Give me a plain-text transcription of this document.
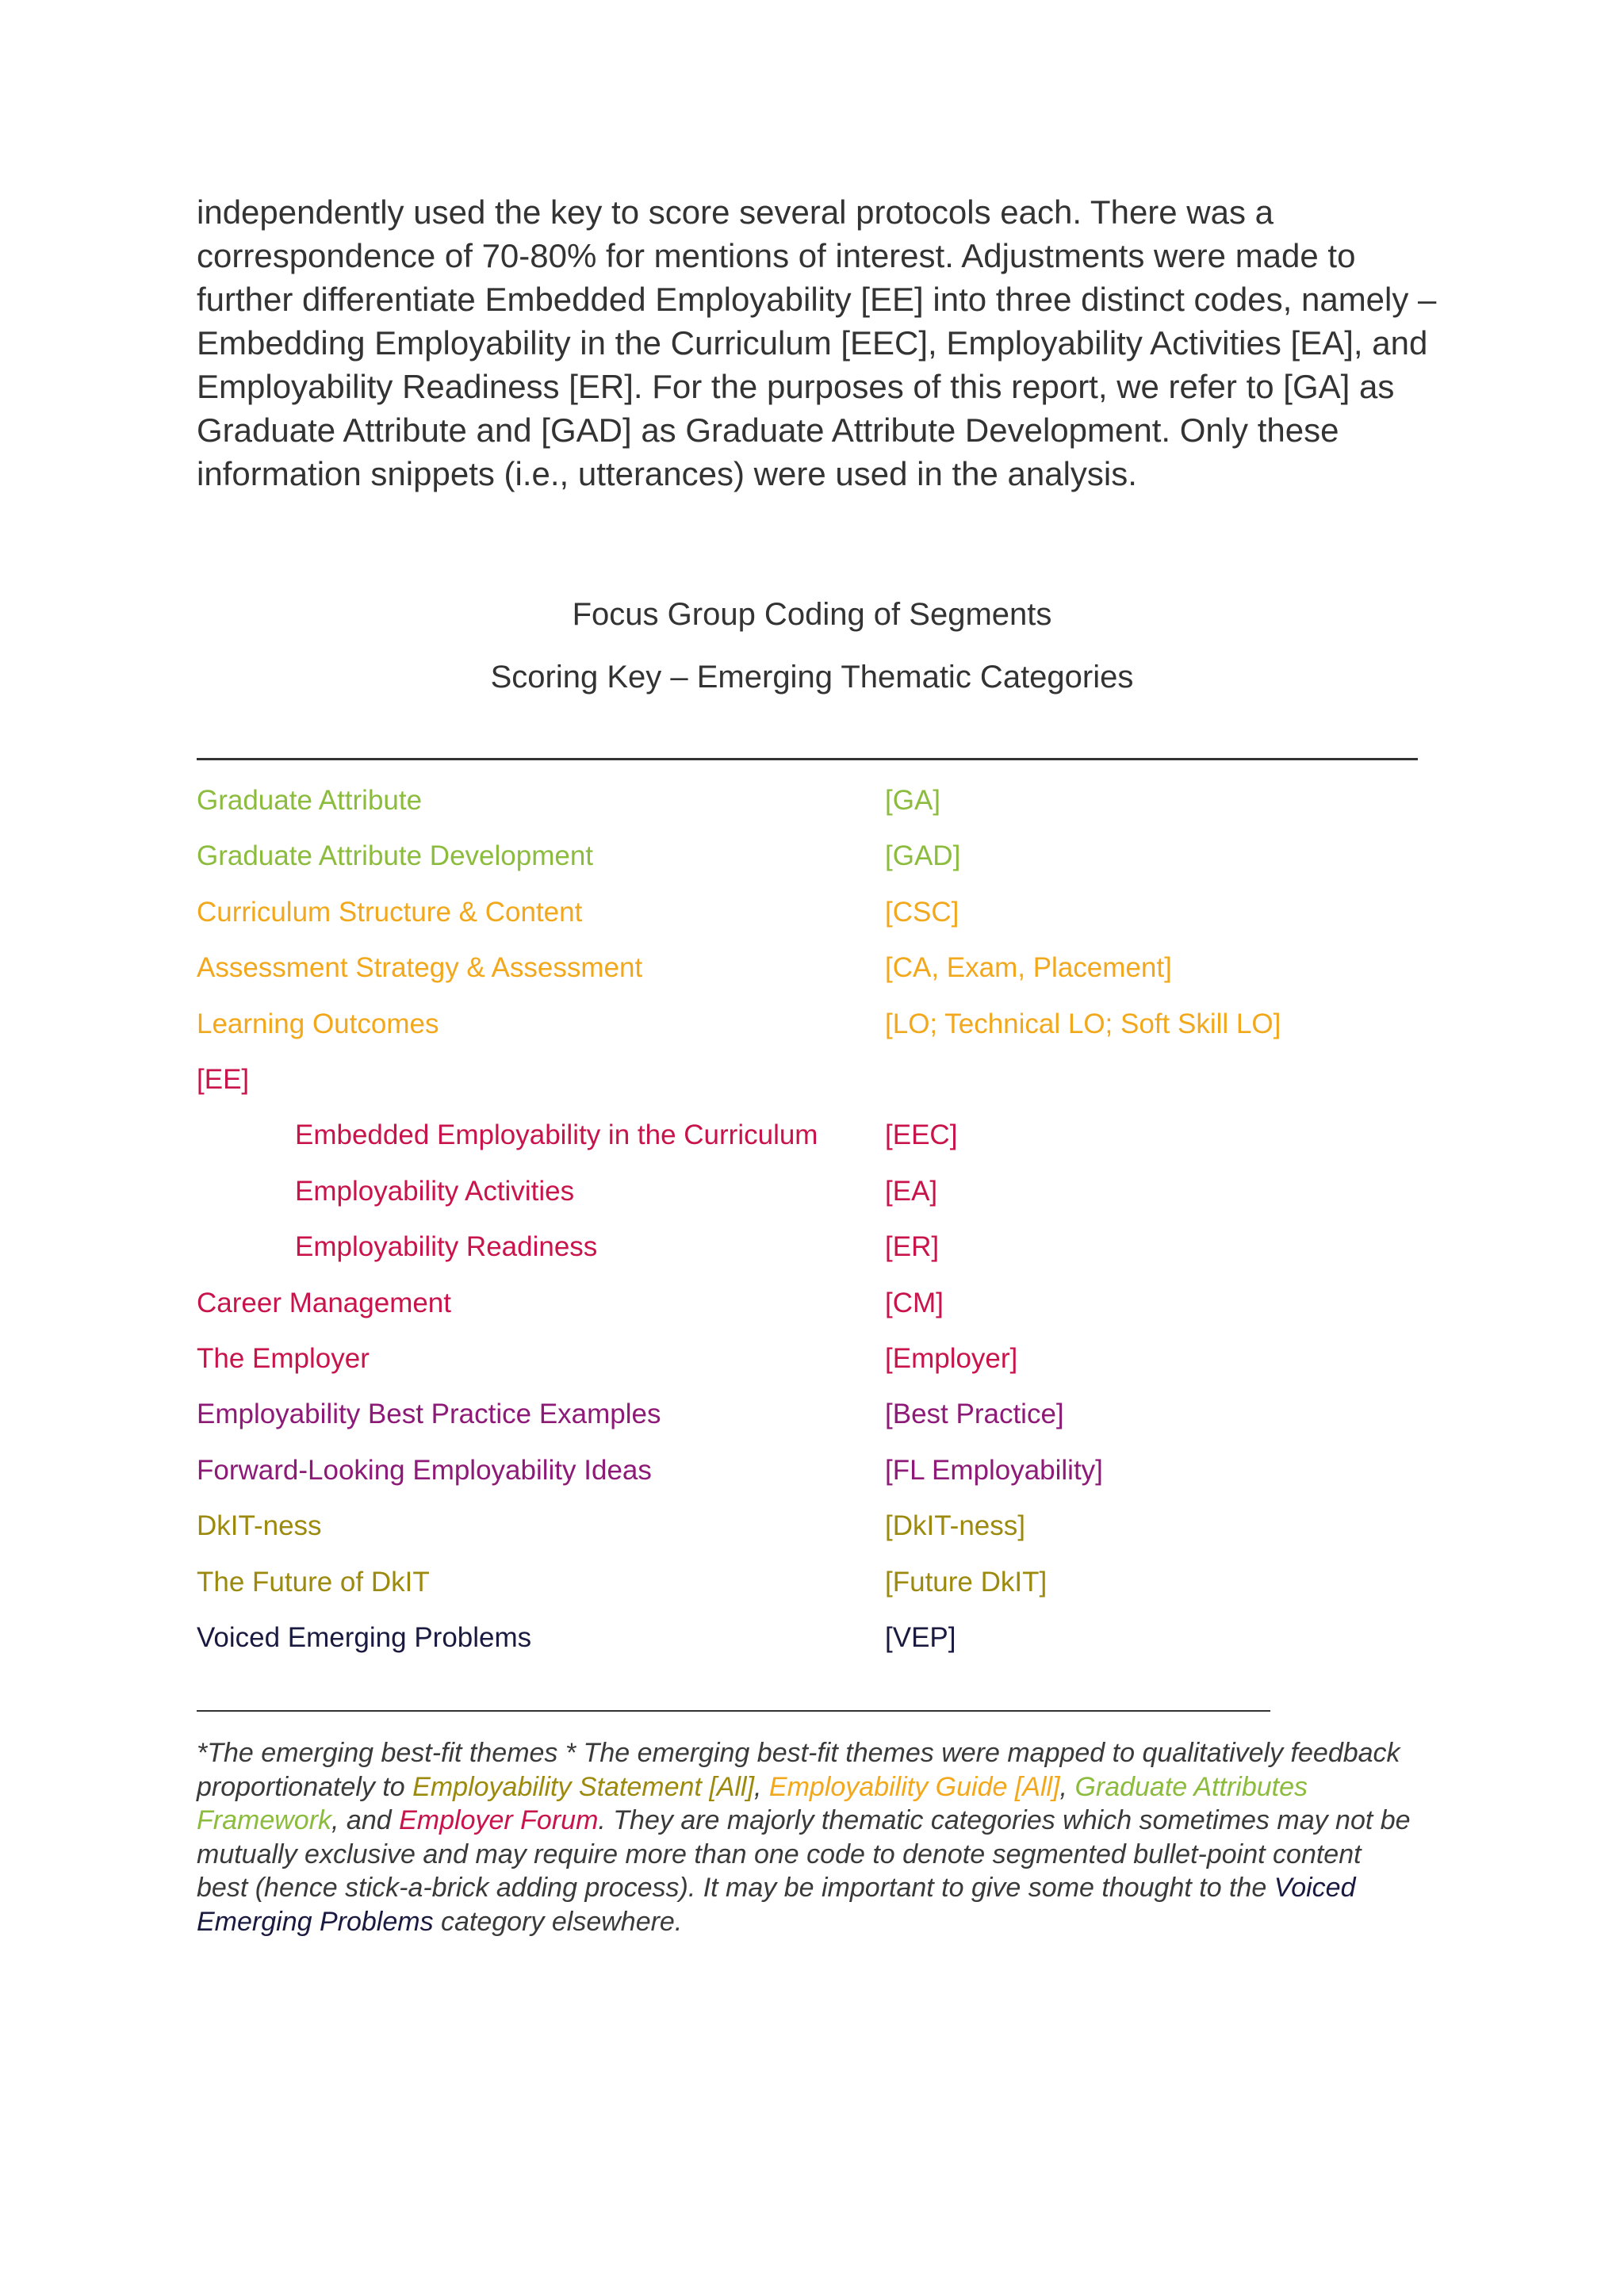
independently used the key to score several protocols each. There was a
correspondence of 70-80% for mentions of interest. Adjustments were made to
further differentiate Embedded Employability [EE] into three distinct codes, namely –
Embedding Employability in the Curriculum [EEC], Employability Activities [EA], and
Employability Readiness [ER]. For the purposes of this report, we refer to [GA] as
Graduate Attribute and [GAD] as Graduate Attribute Development. Only these
information snippets (i.e., utterances) were used in the analysis.
Focus Group Coding of Segments
Scoring Key – Emerging Thematic Categories
Graduate Attribute	[GA]
Graduate Attribute Development	[GAD]
Curriculum Structure & Content	[CSC]
Assessment Strategy & Assessment	[CA, Exam, Placement]
Learning Outcomes	[LO; Technical LO; Soft Skill LO]
[EE]
Embedded Employability in the Curriculum [EEC]
Employability Activities	[EA]
Employability Readiness	[ER]
Career Management	[CM]
The Employer	[Employer]
Employability Best Practice Examples	[Best Practice]
Forward-Looking Employability Ideas	[FL Employability]
DkIT-ness	[DkIT-ness]
The Future of DkIT	[Future DkIT]
Voiced Emerging Problems	[VEP]
*The emerging best-fit themes * The emerging best-fit themes were mapped to qualitatively feedback
proportionately to Employability Statement [All], Employability Guide [All], Graduate Attributes
Framework, and Employer Forum. They are majorly thematic categories which sometimes may not be
mutually exclusive and may require more than one code to denote segmented bullet-point content
best (hence stick-a-brick adding process). It may be important to give some thought to the Voiced
Emerging Problems category elsewhere.
